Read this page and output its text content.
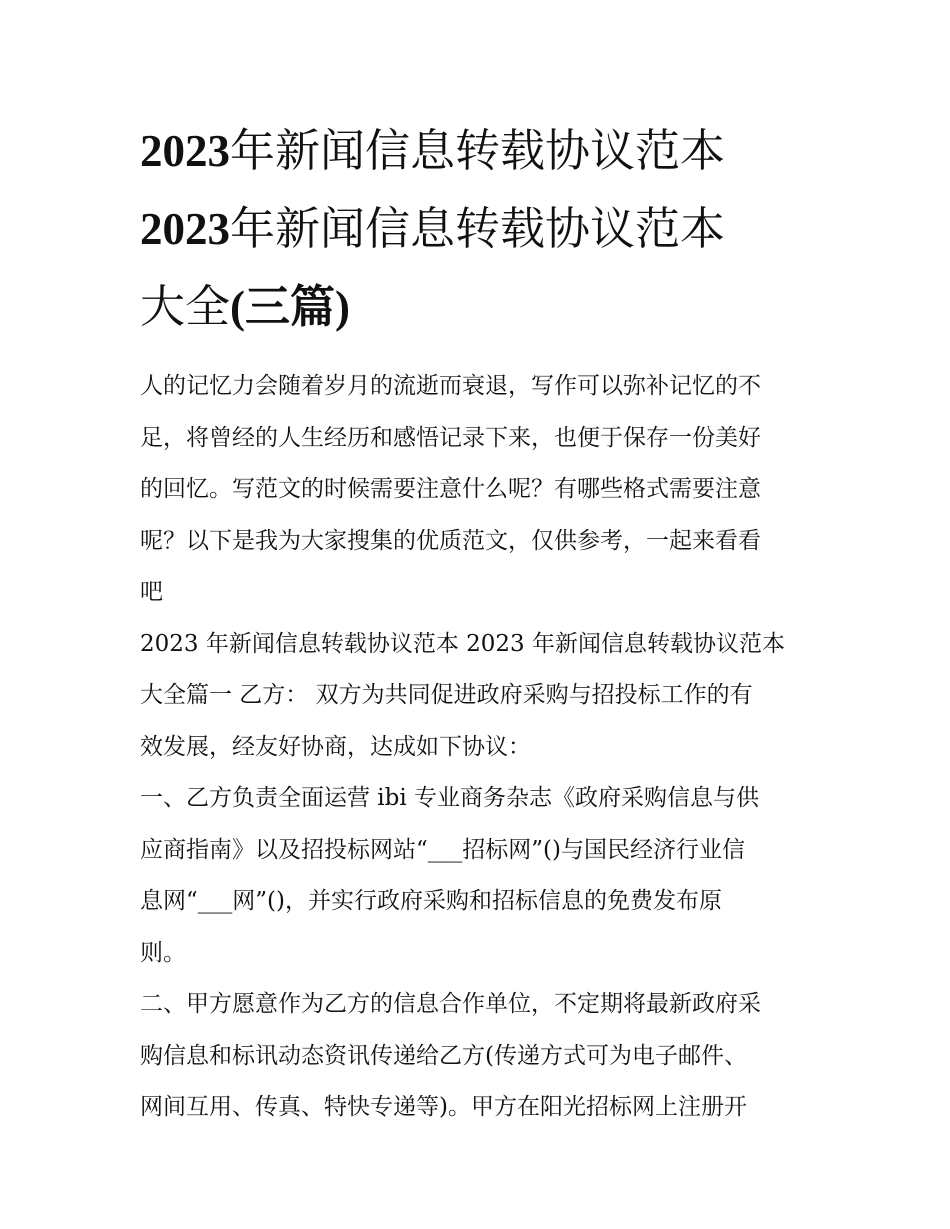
2023年新闻信息转载协议范本
2023年新闻信息转载协议范本
大全(三篇)
人的记忆力会随着岁月的流逝而衰退，写作可以弥补记忆的不
足，将曾经的人生经历和感悟记录下来，也便于保存一份美好
的回忆。写范文的时候需要注意什么呢？有哪些格式需要注意
呢？以下是我为大家搜集的优质范文，仅供参考，一起来看看
吧
2023 年新闻信息转载协议范本 2023 年新闻信息转载协议范本
大全篇一 乙方： 双方为共同促进政府采购与招投标工作的有
效发展，经友好协商，达成如下协议：
一、乙方负责全面运营 ibi 专业商务杂志《政府采购信息与供
应商指南》以及招投标网站“___招标网”()与国民经济行业信
息网“___网”()，并实行政府采购和招标信息的免费发布原
则。
二、甲方愿意作为乙方的信息合作单位，不定期将最新政府采
购信息和标讯动态资讯传递给乙方(传递方式可为电子邮件、
网间互用、传真、特快专递等)。甲方在阳光招标网上注册开
